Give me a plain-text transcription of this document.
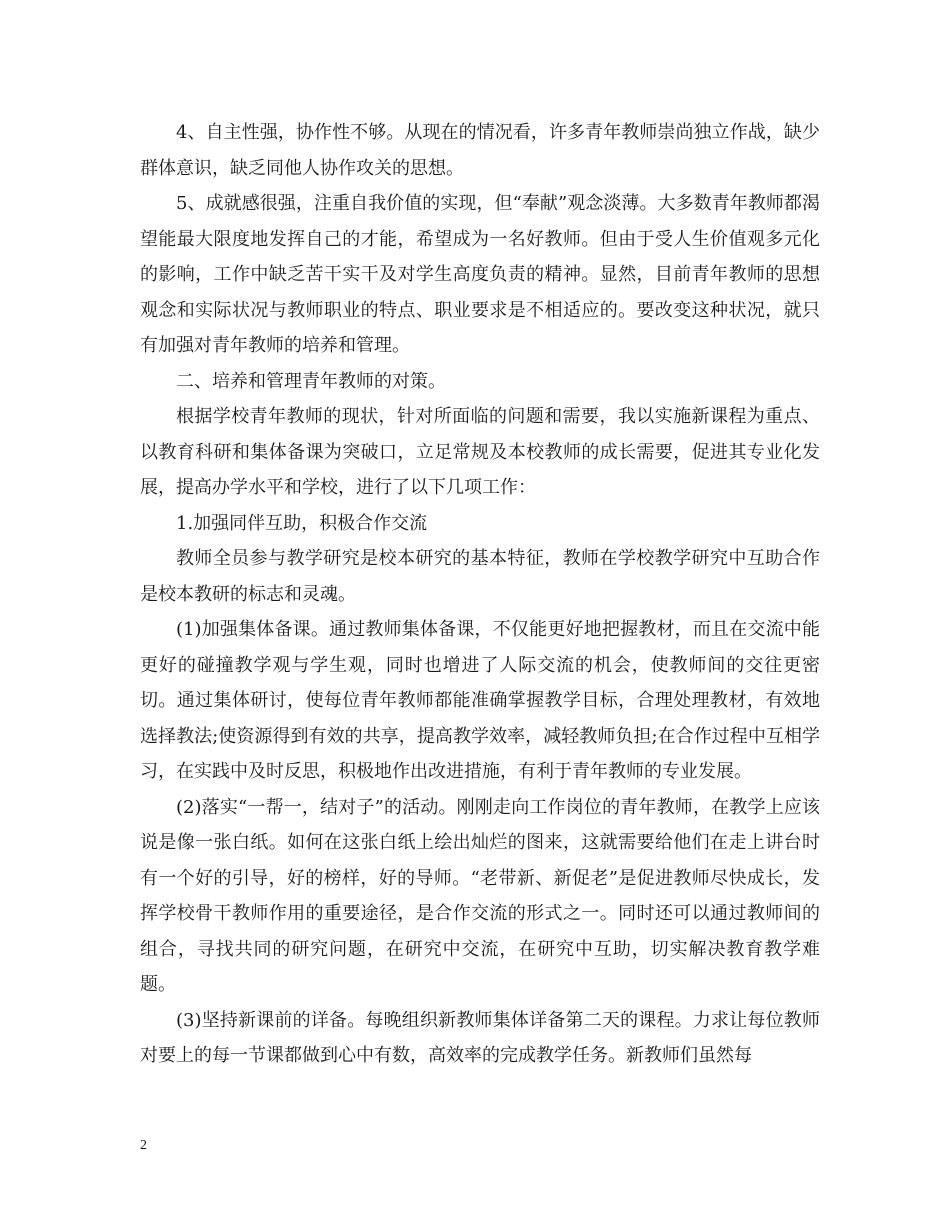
4、自主性强，协作性不够。从现在的情况看，许多青年教师崇尚独立作战，缺少群体意识，缺乏同他人协作攻关的思想。

5、成就感很强，注重自我价值的实现，但“奉献”观念淡薄。大多数青年教师都渴望能最大限度地发挥自己的才能，希望成为一名好教师。但由于受人生价值观多元化的影响，工作中缺乏苦干实干及对学生高度负责的精神。显然，目前青年教师的思想观念和实际状况与教师职业的特点、职业要求是不相适应的。要改变这种状况，就只有加强对青年教师的培养和管理。

二、培养和管理青年教师的对策。

根据学校青年教师的现状，针对所面临的问题和需要，我以实施新课程为重点、以教育科研和集体备课为突破口，立足常规及本校教师的成长需要，促进其专业化发展，提高办学水平和学校，进行了以下几项工作：

1.加强同伴互助，积极合作交流

教师全员参与教学研究是校本研究的基本特征，教师在学校教学研究中互助合作是校本教研的标志和灵魂。

(1)加强集体备课。通过教师集体备课，不仅能更好地把握教材，而且在交流中能更好的碰撞教学观与学生观，同时也增进了人际交流的机会，使教师间的交往更密切。通过集体研讨，使每位青年教师都能准确掌握教学目标，合理处理教材，有效地选择教法;使资源得到有效的共享，提高教学效率，减轻教师负担;在合作过程中互相学习，在实践中及时反思，积极地作出改进措施，有利于青年教师的专业发展。

(2)落实“一帮一，结对子”的活动。刚刚走向工作岗位的青年教师，在教学上应该说是像一张白纸。如何在这张白纸上绘出灿烂的图来，这就需要给他们在走上讲台时有一个好的引导，好的榜样，好的导师。“老带新、新促老”是促进教师尽快成长，发挥学校骨干教师作用的重要途径，是合作交流的形式之一。同时还可以通过教师间的组合，寻找共同的研究问题，在研究中交流，在研究中互助，切实解决教育教学难题。

(3)坚持新课前的详备。每晚组织新教师集体详备第二天的课程。力求让每位教师对要上的每一节课都做到心中有数，高效率的完成教学任务。新教师们虽然每

2
